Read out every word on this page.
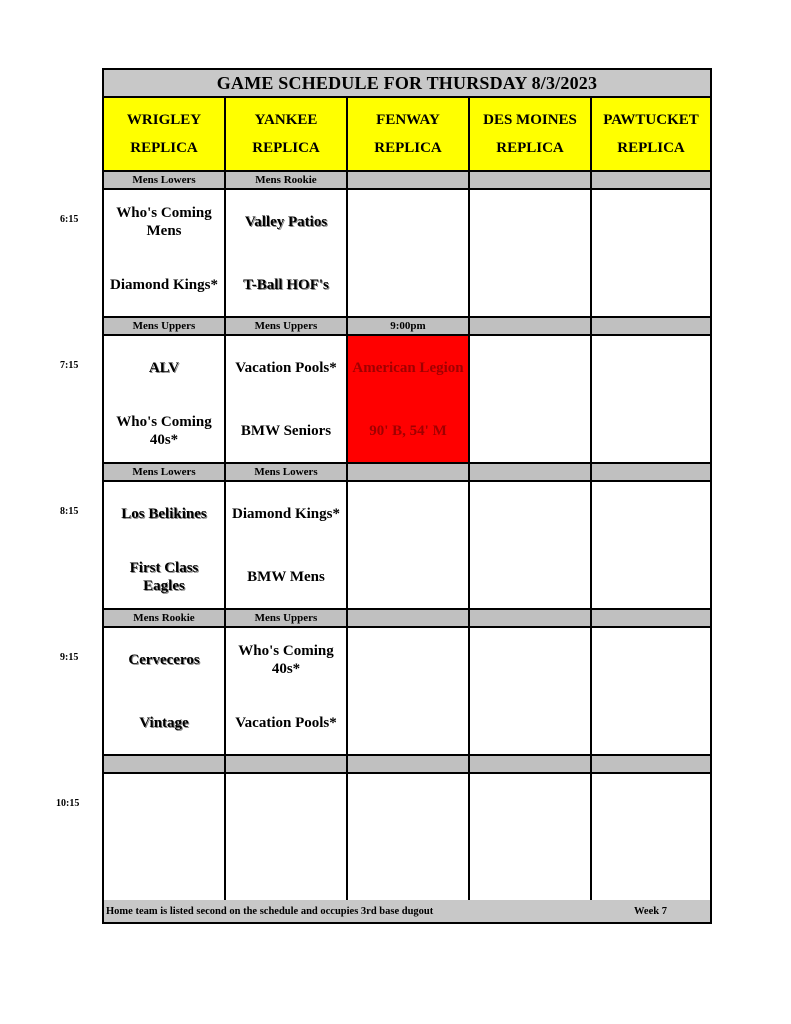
GAME SCHEDULE FOR THURSDAY 8/3/2023
WRIGLEY
REPLICA
YANKEE
REPLICA
FENWAY
REPLICA
DES MOINES
REPLICA
PAWTUCKET
REPLICA
Mens Lowers
Who's Coming Mens
Diamond Kings*
Mens Rookie
Valley Patios
T-Ball HOF's
Mens Uppers
ALV
Who's Coming 40s*
Mens Uppers
Vacation Pools*
BMW Seniors
9:00pm
American Legion
90' B, 54' M
Mens Lowers
Los Belikines
First Class Eagles
Mens Lowers
Diamond Kings*
BMW Mens
Mens Rookie
Cerveceros
Vintage
Mens Uppers
Who's Coming 40s*
Vacation Pools*
Home team is listed second on the schedule and occupies 3rd base dugout	Week 7
6:15
7:15
8:15
9:15
10:15
